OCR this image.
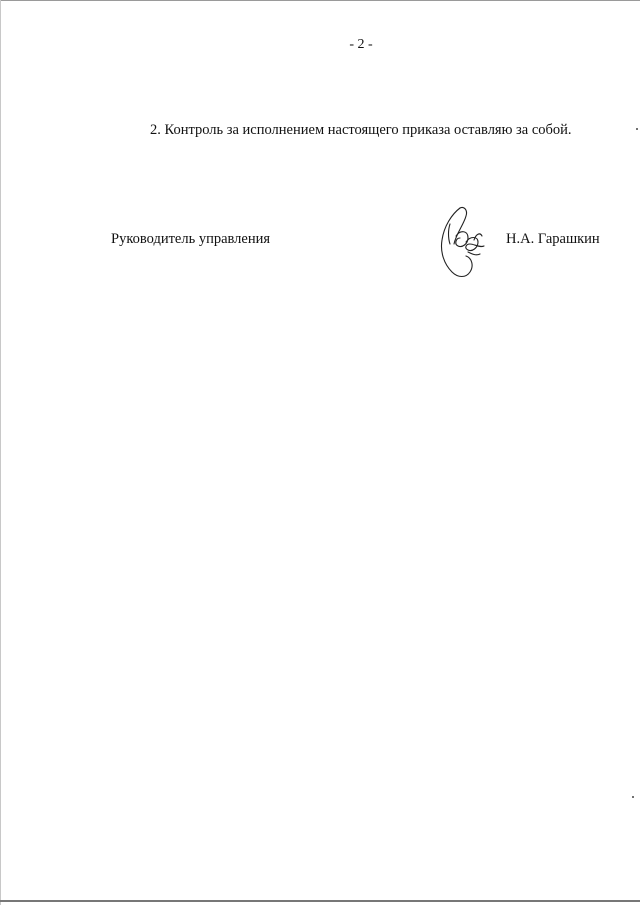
- 2 -
2. Контроль за исполнением настоящего приказа оставляю за собой.
Руководитель управления	Н.А. Гарашкин
